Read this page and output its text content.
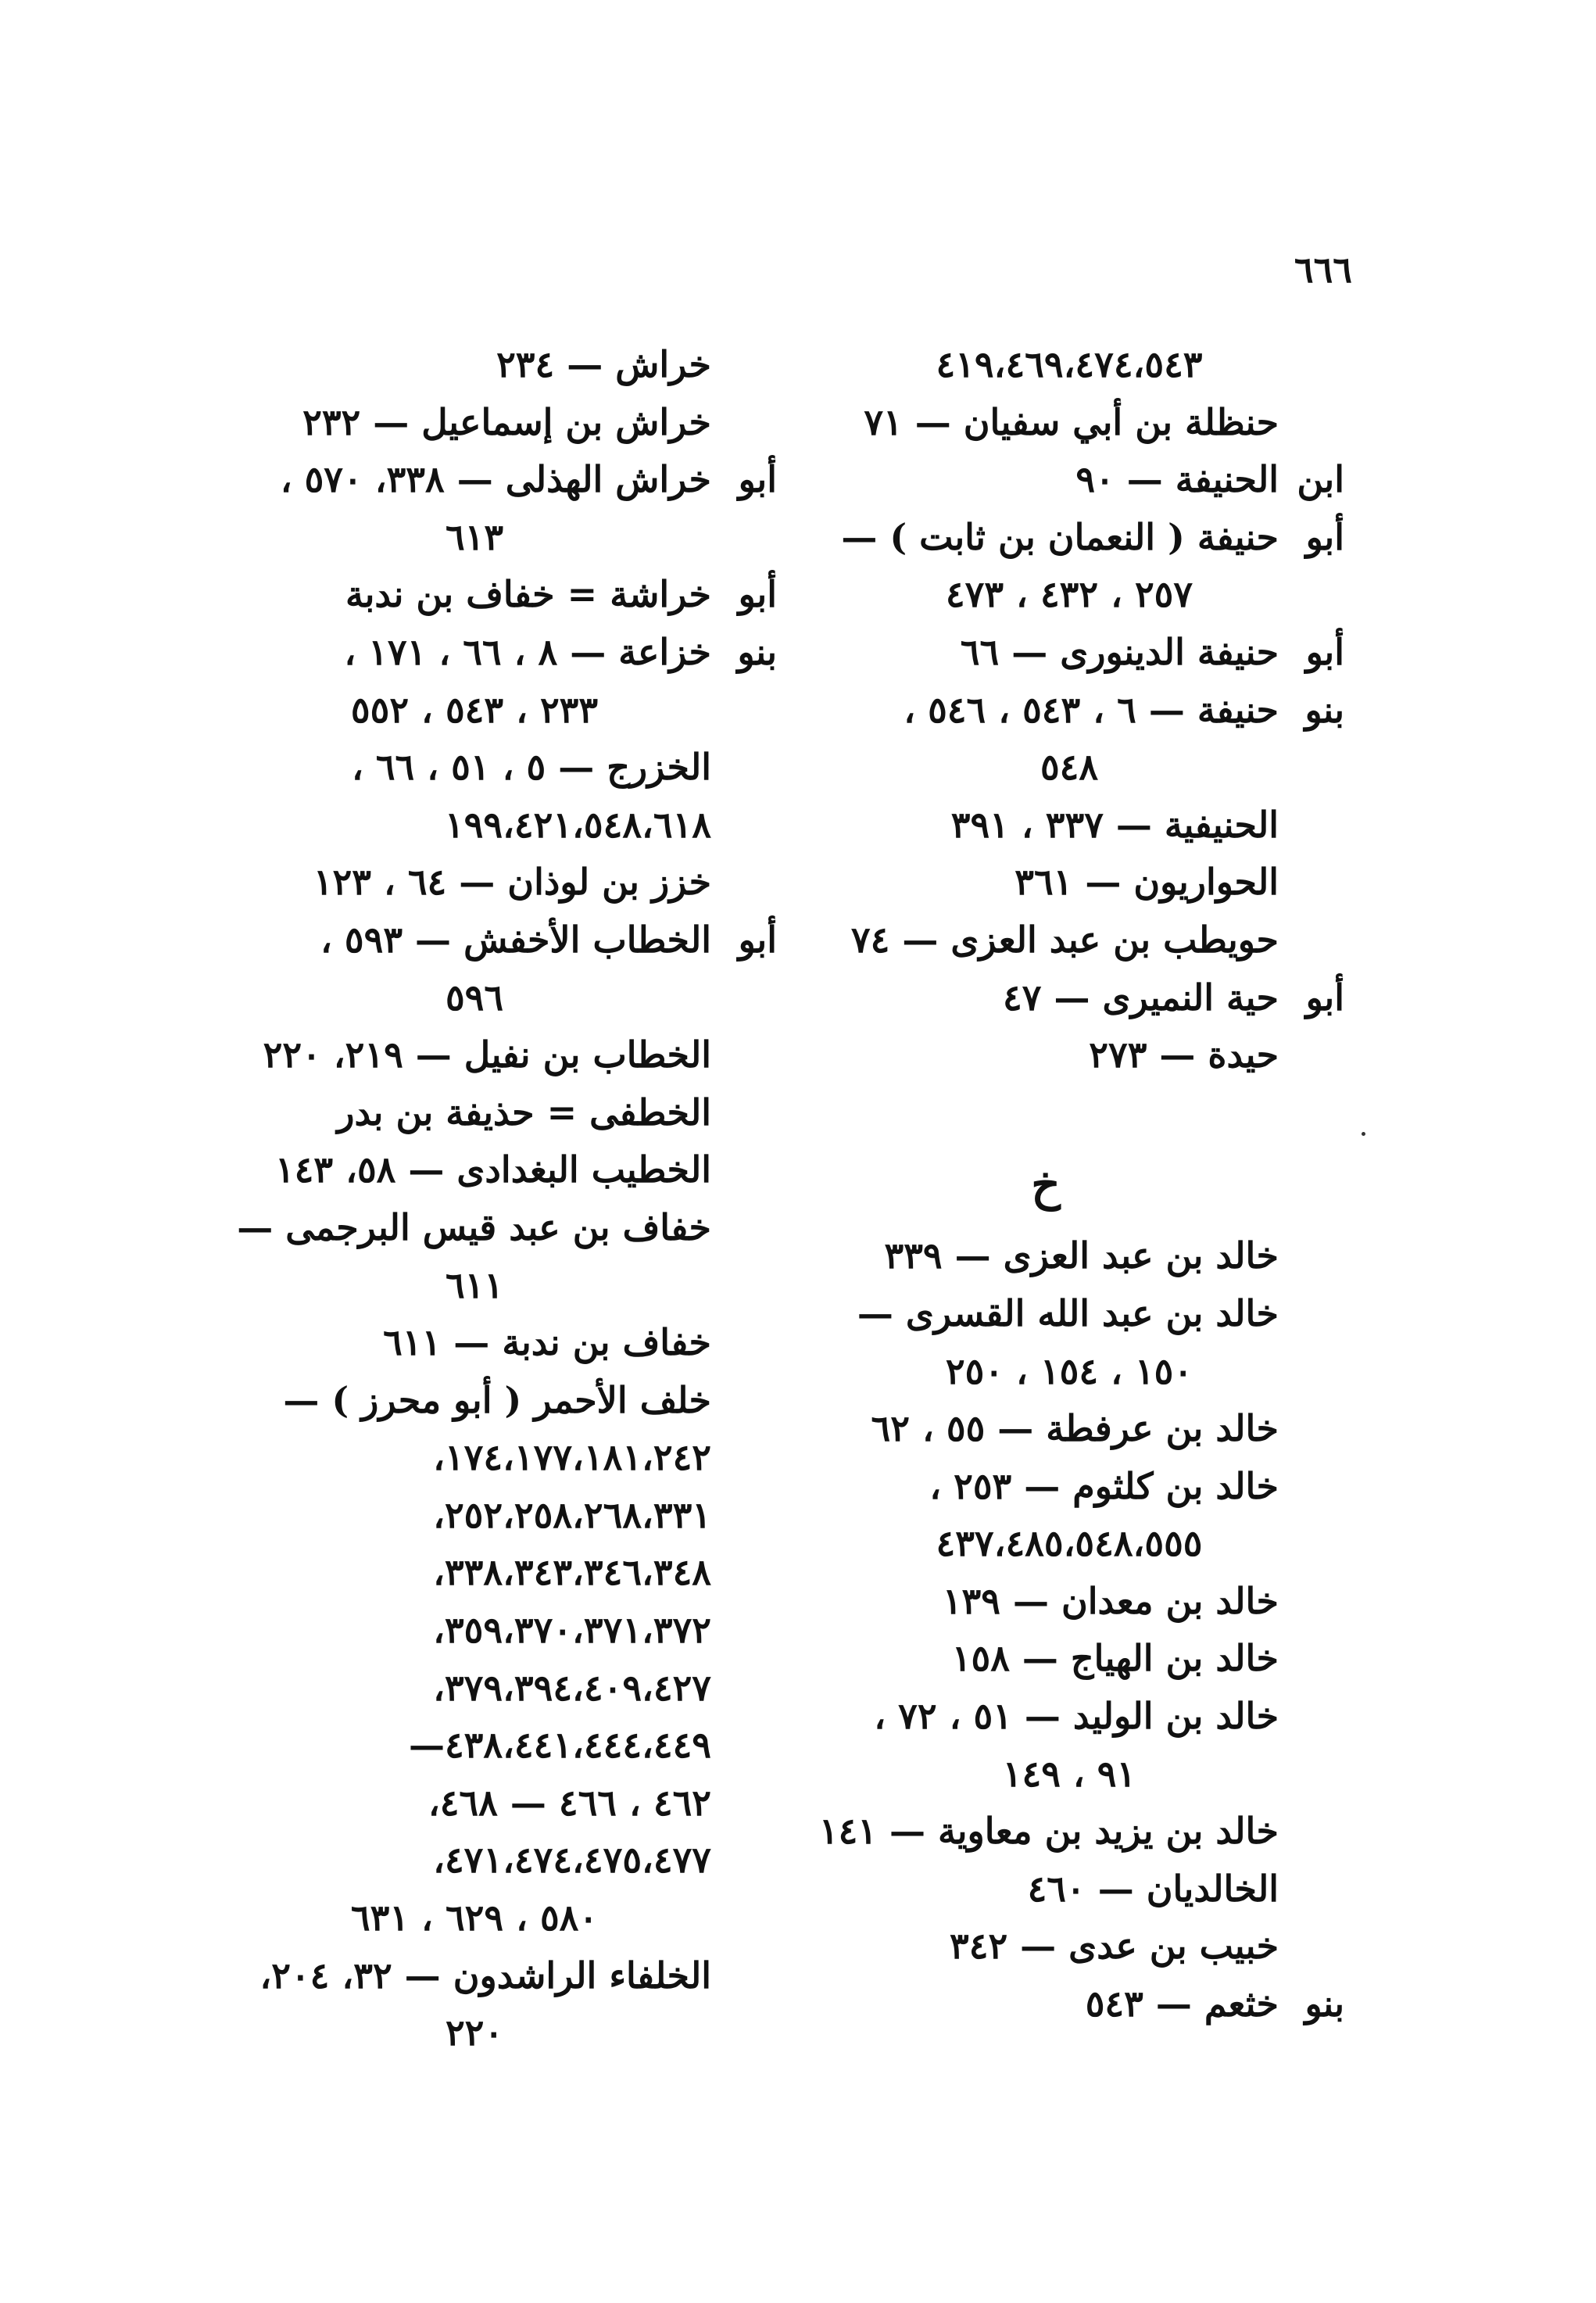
٦٦٦
٤١٩،٤٦٩،٤٧٤،٥٤٣
حنظلة بن أبي سفيان — ٧١
ابن
الحنيفة — ٩٠
أبو
حنيفة ( النعمان بن ثابت ) —
٢٥٧ ، ٤٣٢ ، ٤٧٣
أبو
حنيفة الدينورى — ٦٦
بنو
حنيفة — ٦ ، ٥٤٣ ، ٥٤٦ ،
٥٤٨
الحنيفية — ٣٣٧ ، ٣٩١
الحواريون — ٣٦١
حويطب بن عبد العزى — ٧٤
أبو
حية النميرى — ٤٧
حيدة — ٢٧٣
خ
خالد بن عبد العزى — ٣٣٩
خالد بن عبد الله القسرى —
١٥٠ ، ١٥٤ ، ٢٥٠
خالد بن عرفطة — ٥٥ ، ٦٢
خالد بن كلثوم — ٢٥٣ ،
٤٣٧،٤٨٥،٥٤٨،٥٥٥
خالد بن معدان — ١٣٩
خالد بن الهياج — ١٥٨
خالد بن الوليد — ٥١ ، ٧٢ ،
٩١ ، ١٤٩
خالد بن يزيد بن معاوية — ١٤١
الخالديان — ٤٦٠
خبيب بن عدى — ٣٤٢
بنو
خثعم — ٥٤٣
خراش — ٢٣٤
خراش بن إسماعيل — ٢٣٢
أبو
خراش الهذلى — ٣٣٨، ٥٧٠ ،
٦١٣
أبو
خراشة = خفاف بن ندبة
بنو
خزاعة — ٨ ، ٦٦ ، ١٧١ ،
٢٣٣ ، ٥٤٣ ، ٥٥٢
الخزرج — ٥ ، ٥١ ، ٦٦ ،
١٩٩،٤٢١،٥٤٨،٦١٨
خزز بن لوذان — ٦٤ ، ١٢٣
أبو
الخطاب الأخفش — ٥٩٣ ،
٥٩٦
الخطاب بن نفيل — ٢١٩، ٢٢٠
الخطفى = حذيفة بن بدر
الخطيب البغدادى — ٥٨، ١٤٣
خفاف بن عبد قيس البرجمى —
٦١١
خفاف بن ندبة — ٦١١
خلف الأحمر ( أبو محرز ) —
١٧٤،١٧٧،١٨١،٢٤٢،
٢٥٢،٢٥٨،٢٦٨،٣٣١،
٣٣٨،٣٤٣،٣٤٦،٣٤٨،
٣٥٩،٣٧٠،٣٧١،٣٧٢،
٣٧٩،٣٩٤،٤٠٩،٤٢٧،
٤٣٨،٤٤١،٤٤٤،٤٤٩—
٤٦٢ ، ٤٦٦ — ٤٦٨،
٤٧١،٤٧٤،٤٧٥،٤٧٧،
٥٨٠ ، ٦٢٩ ، ٦٣١
الخلفاء الراشدون — ٣٢، ٢٠٤،
٢٢٠
